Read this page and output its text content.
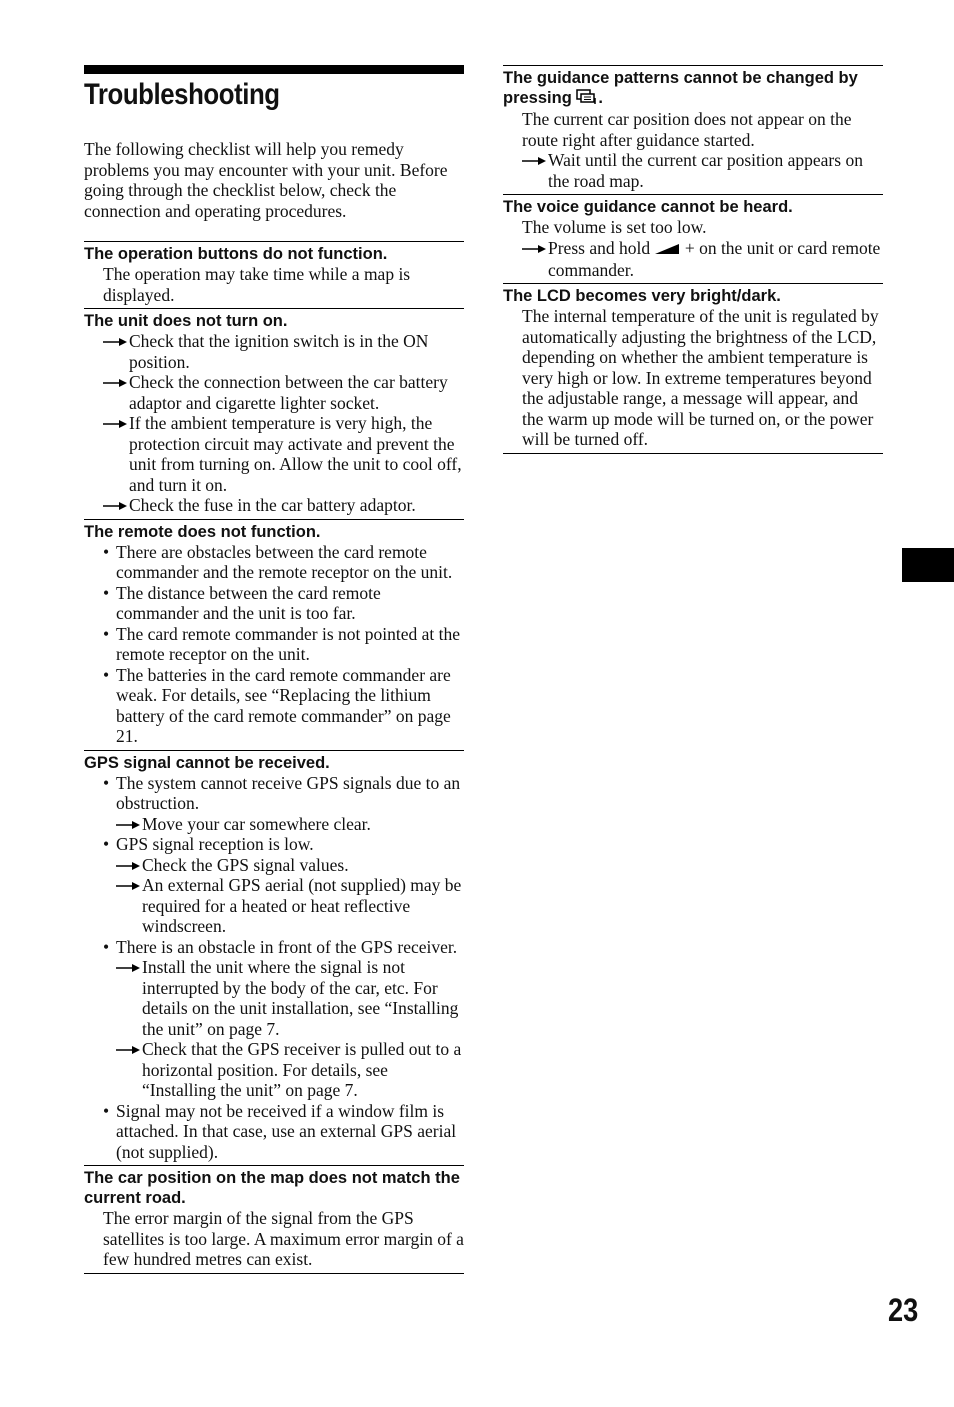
Troubleshooting

The following checklist will help you remedy problems you may encounter with your unit. Before going through the checklist below, check the connection and operating procedures.

The operation buttons do not function.
The operation may take time while a map is displayed.
The unit does not turn on.
Check that the ignition switch is in the ON position.
Check the connection between the car battery adaptor and cigarette lighter socket.
If the ambient temperature is very high, the protection circuit may activate and prevent the unit from turning on. Allow the unit to cool off, and turn it on.
Check the fuse in the car battery adaptor.
The remote does not function.
• There are obstacles between the card remote commander and the remote receptor on the unit.
• The distance between the card remote commander and the unit is too far.
• The card remote commander is not pointed at the remote receptor on the unit.
• The batteries in the card remote commander are weak. For details, see “Replacing the lithium battery of the card remote commander” on page 21.
GPS signal cannot be received.
• The system cannot receive GPS signals due to an obstruction.
Move your car somewhere clear.
• GPS signal reception is low.
Check the GPS signal values.
An external GPS aerial (not supplied) may be required for a heated or heat reflective windscreen.
• There is an obstacle in front of the GPS receiver.
Install the unit where the signal is not interrupted by the body of the car, etc. For details on the unit installation, see “Installing the unit” on page 7.
Check that the GPS receiver is pulled out to a horizontal position. For details, see “Installing the unit” on page 7.
• Signal may not be received if a window film is attached. In that case, use an external GPS aerial (not supplied).
The car position on the map does not match the current road.
The error margin of the signal from the GPS satellites is too large. A maximum error margin of a few hundred metres can exist.
The guidance patterns cannot be changed by pressing .
The current car position does not appear on the route right after guidance started.
Wait until the current car position appears on the road map.
The voice guidance cannot be heard.
The volume is set too low.
Press and hold + on the unit or card remote commander.
The LCD becomes very bright/dark.
The internal temperature of the unit is regulated by automatically adjusting the brightness of the LCD, depending on whether the ambient temperature is very high or low. In extreme temperatures beyond the adjustable range, a message will appear, and the warm up mode will be turned on, or the power will be turned off.
23
